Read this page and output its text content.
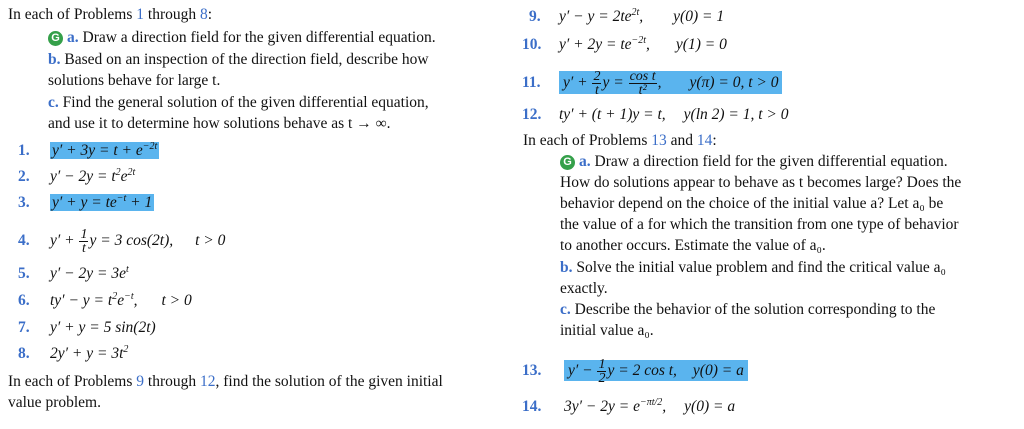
In each of Problems 1 through 8:
G a. Draw a direction field for the given differential equation.
b. Based on an inspection of the direction field, describe how
solutions behave for large t.
c. Find the general solution of the given differential equation,
and use it to determine how solutions behave as t → ∞.
1. $y' + 3y = t + e^{-2t}$
2. $y' - 2y = t^2e^{2t}$
3. $y' + y = te^{-t} + 1$
4. $y' + \frac{1}{t}$ y = 3 cos(2t), t > 0
5. $y' - 2y = 3e^t$
6. $ty' - y = t^2e^{-t}$, t > 0
7. y′ + y = 5 sin(2t)
8. $2y' + y = 3t^2$
In each of Problems 9 through 12, find the solution of the given initial
value problem.
9. $y' - y = 2te^{2t}$, y(0) = 1
10. $y' + 2y = te^{-2t}$, y(1) = 0
11. $y' + \frac{2}{t}$ $y = \frac{\text{cos t}}{\text{t²}}$ , y(π) = 0, t > 0
12. ty′ + (t + 1)y = t, y(ln 2) = 1, t > 0
In each of Problems 13 and 14:
G a. Draw a direction field for the given differential equation.
How do solutions appear to behave as t becomes large? Does the
behavior depend on the choice of the initial value a? Let a₀ be
the value of a for which the transition from one type of behavior
to another occurs. Estimate the value of a₀.
b. Solve the initial value problem and find the critical value a₀
exactly.
c. Describe the behavior of the solution corresponding to the
initial value a₀.
13. $y' - \frac{1}{2}$ y = 2 cos t, y(0) = a
14. $3y' - 2y = e^{-\pi t/2}$, y(0) = a
